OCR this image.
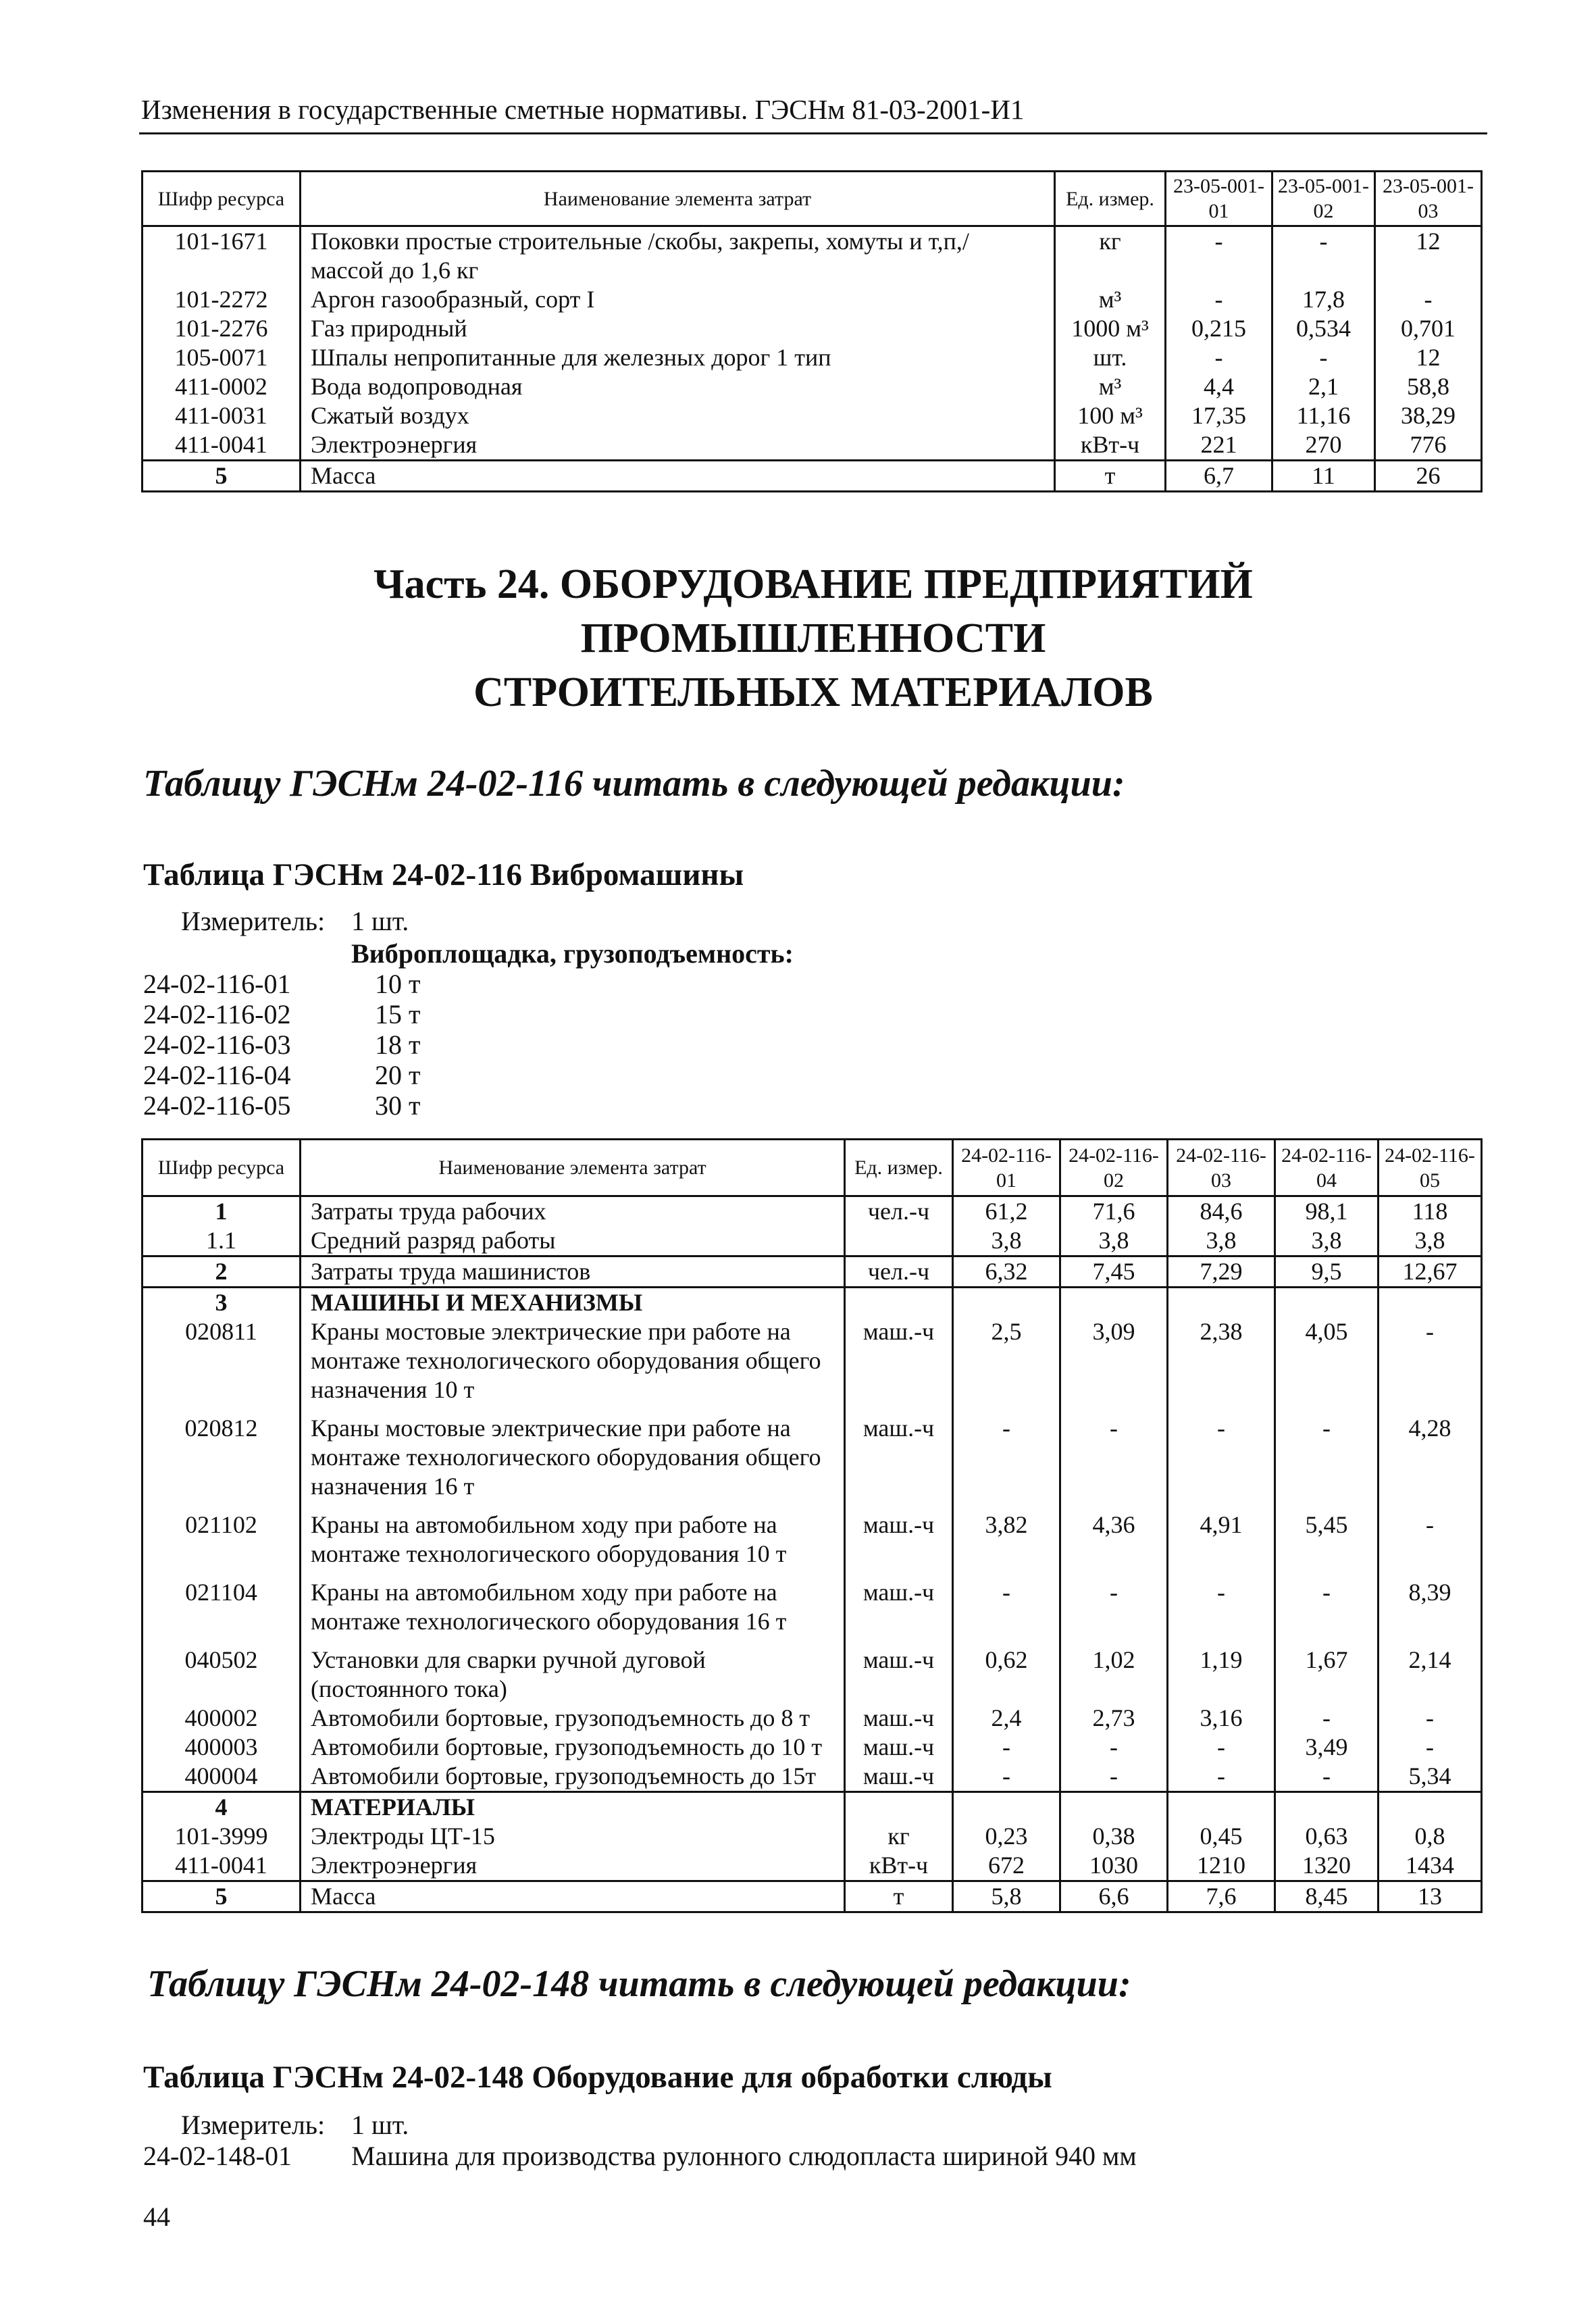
Изменения в государственные сметные нормативы. ГЭСНм 81-03-2001-И1
Шифр ресурса	Наименование элемента затрат	Ед. измер.	23-05-001-01	23-05-001-02	23-05-001-03
101-1671	Поковки простые строительные /скобы, закрепы, хомуты и т,п,/ массой до 1,6 кг	кг	-	-	12
101-2272	Аргон газообразный, сорт I	м³	-	17,8	-
101-2276	Газ природный	1000 м³	0,215	0,534	0,701
105-0071	Шпалы непропитанные для железных дорог 1 тип	шт.	-	-	12
411-0002	Вода водопроводная	м³	4,4	2,1	58,8
411-0031	Сжатый воздух	100 м³	17,35	11,16	38,29
411-0041	Электроэнергия	кВт-ч	221	270	776
5	Масса	т	6,7	11	26
Часть 24. ОБОРУДОВАНИЕ ПРЕДПРИЯТИЙ ПРОМЫШЛЕННОСТИ
СТРОИТЕЛЬНЫХ МАТЕРИАЛОВ
Таблицу ГЭСНм 24-02-116 читать в следующей редакции:
Таблица ГЭСНм 24-02-116 Вибромашины
Измеритель: 1 шт.
Виброплощадка, грузоподъемность:
24-02-116-01	10 т
24-02-116-02	15 т
24-02-116-03	18 т
24-02-116-04	20 т
24-02-116-05	30 т
Шифр ресурса	Наименование элемента затрат	Ед. измер.	24-02-116-01	24-02-116-02	24-02-116-03	24-02-116-04	24-02-116-05
1	Затраты труда рабочих	чел.-ч	61,2	71,6	84,6	98,1	118
1.1	Средний разряд работы		3,8	3,8	3,8	3,8	3,8
2	Затраты труда машинистов	чел.-ч	6,32	7,45	7,29	9,5	12,67
3	МАШИНЫ И МЕХАНИЗМЫ						
020811	Краны мостовые электрические при работе на монтаже технологического оборудования общего назначения 10 т	маш.-ч	2,5	3,09	2,38	4,05	-
020812	Краны мостовые электрические при работе на монтаже технологического оборудования общего назначения 16 т	маш.-ч	-	-	-	-	4,28
021102	Краны на автомобильном ходу при работе на монтаже технологического оборудования 10 т	маш.-ч	3,82	4,36	4,91	5,45	-
021104	Краны на автомобильном ходу при работе на монтаже технологического оборудования 16 т	маш.-ч	-	-	-	-	8,39
040502	Установки для сварки ручной дуговой (постоянного тока)	маш.-ч	0,62	1,02	1,19	1,67	2,14
400002	Автомобили бортовые, грузоподъемность до 8 т	маш.-ч	2,4	2,73	3,16	-	-
400003	Автомобили бортовые, грузоподъемность до 10 т	маш.-ч	-	-	-	3,49	-
400004	Автомобили бортовые, грузоподъемность до 15т	маш.-ч	-	-	-	-	5,34
4	МАТЕРИАЛЫ						
101-3999	Электроды ЦТ-15	кг	0,23	0,38	0,45	0,63	0,8
411-0041	Электроэнергия	кВт-ч	672	1030	1210	1320	1434
5	Масса	т	5,8	6,6	7,6	8,45	13
Таблицу ГЭСНм 24-02-148 читать в следующей редакции:
Таблица ГЭСНм 24-02-148 Оборудование для обработки слюды
Измеритель: 1 шт.
24-02-148-01 Машина для производства рулонного слюдопласта шириной 940 мм
44
